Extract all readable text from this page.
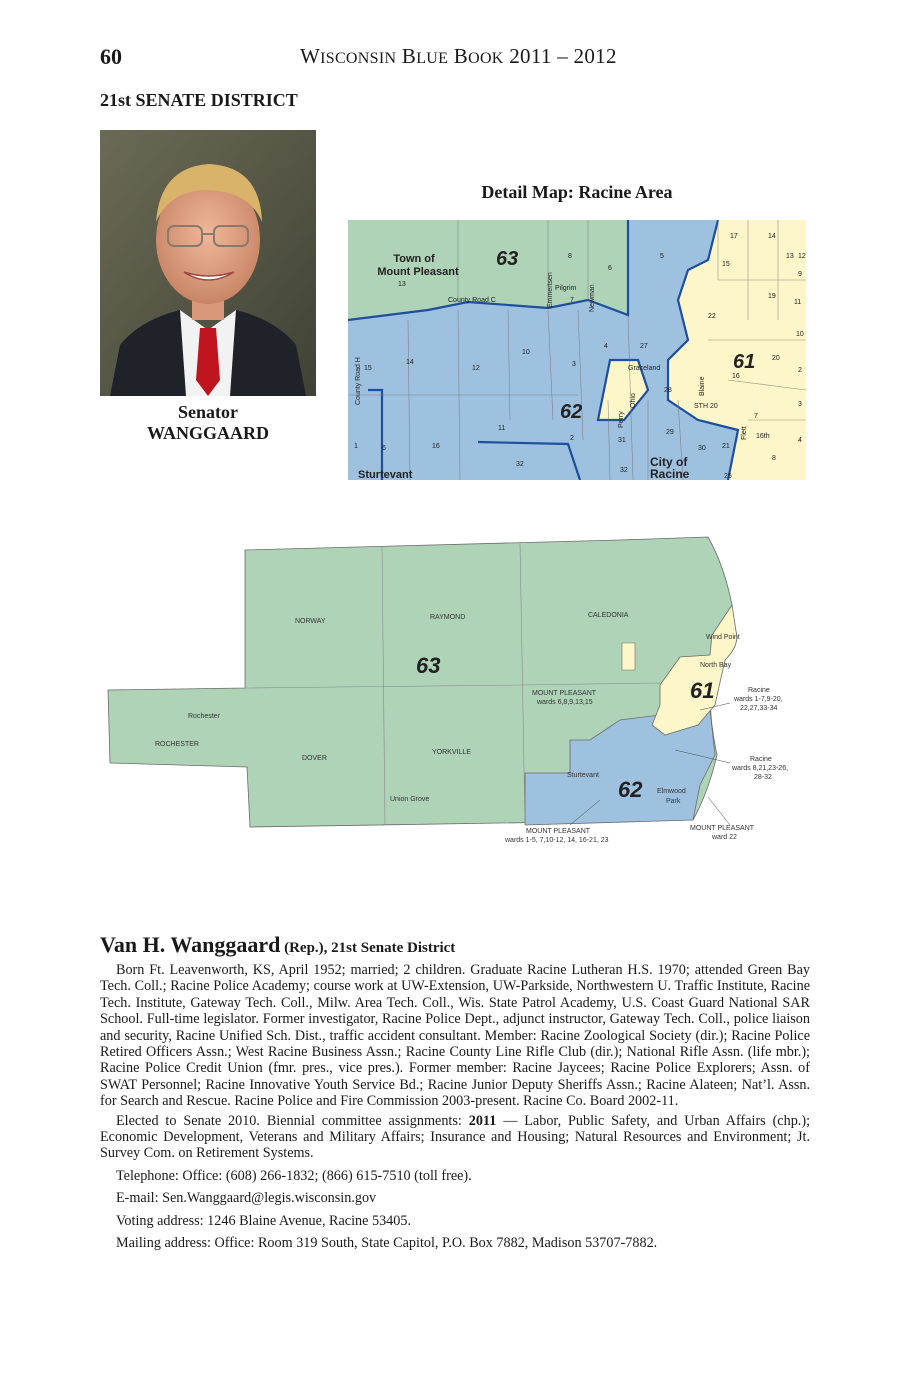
60	WISCONSIN BLUE BOOK 2011 – 2012
21st SENATE DISTRICT
Senator
WANGGAARD
Detail Map: Racine Area
63
62
61
Town of
Mount Pleasant
Sturtevant
City of
Racine
Graceland
County Road C
County Road H
Emmertsen	Newman
Pilgrim
Perry
Ohio
Blaine
STH 20
Flett 16th
13
8
6
5
7
10
3
4	27
28
14
12
15
1	6	16
11
2	31
29
30 21
32
32
25
17	14
15
13 12
9
19
11
22
10
20
16
2
3
7
4
8
NORWAY
RAYMOND	CALEDONIA
ROCHESTER
Rochester
DOVER
YORKVILLE
Union Grove
Sturtevant
Elmwood
Park
Wind Point
North Bay
MOUNT PLEASANT
wards 6,8,9,13,15
Racine
wards 1-7,9-20,
22,27,33-34
Racine
wards 8,21,23-26,
28-32
MOUNT PLEASANT
wards 1-5, 7,10-12, 14, 16-21, 23
MOUNT PLEASANT
ward 22
63
61
62
Van H. Wanggaard (Rep.), 21st Senate District

Born Ft. Leavenworth, KS, April 1952; married; 2 children. Graduate Racine Lutheran H.S. 1970; attended Green Bay Tech. Coll.; Racine Police Academy; course work at UW-Extension, UW-Parkside, Northwestern U. Traffic Institute, Racine Tech. Institute, Gateway Tech. Coll., Milw. Area Tech. Coll., Wis. State Patrol Academy, U.S. Coast Guard National SAR School. Full-time legislator. Former investigator, Racine Police Dept., adjunct instructor, Gateway Tech. Coll., police liaison and security, Racine Unified Sch. Dist., traffic accident consultant. Member: Racine Zoological Society (dir.); Racine Police Retired Officers Assn.; West Racine Business Assn.; Racine County Line Rifle Club (dir.); National Rifle Assn. (life mbr.); Racine Police Credit Union (fmr. pres., vice pres.). Former member: Racine Jaycees; Racine Police Explorers; Assn. of SWAT Personnel; Racine Innovative Youth Service Bd.; Racine Junior Deputy Sheriffs Assn.; Racine Alateen; Nat’l. Assn. for Search and Rescue. Racine Police and Fire Commission 2003-present. Racine Co. Board 2002-11.

Elected to Senate 2010. Biennial committee assignments: 2011 — Labor, Public Safety, and Urban Affairs (chp.); Economic Development, Veterans and Military Affairs; Insurance and Housing; Natural Resources and Environment; Jt. Survey Com. on Retirement Systems.

Telephone: Office: (608) 266-1832; (866) 615-7510 (toll free).

E-mail: Sen.Wanggaard@legis.wisconsin.gov

Voting address: 1246 Blaine Avenue, Racine 53405.

Mailing address: Office: Room 319 South, State Capitol, P.O. Box 7882, Madison 53707-7882.
